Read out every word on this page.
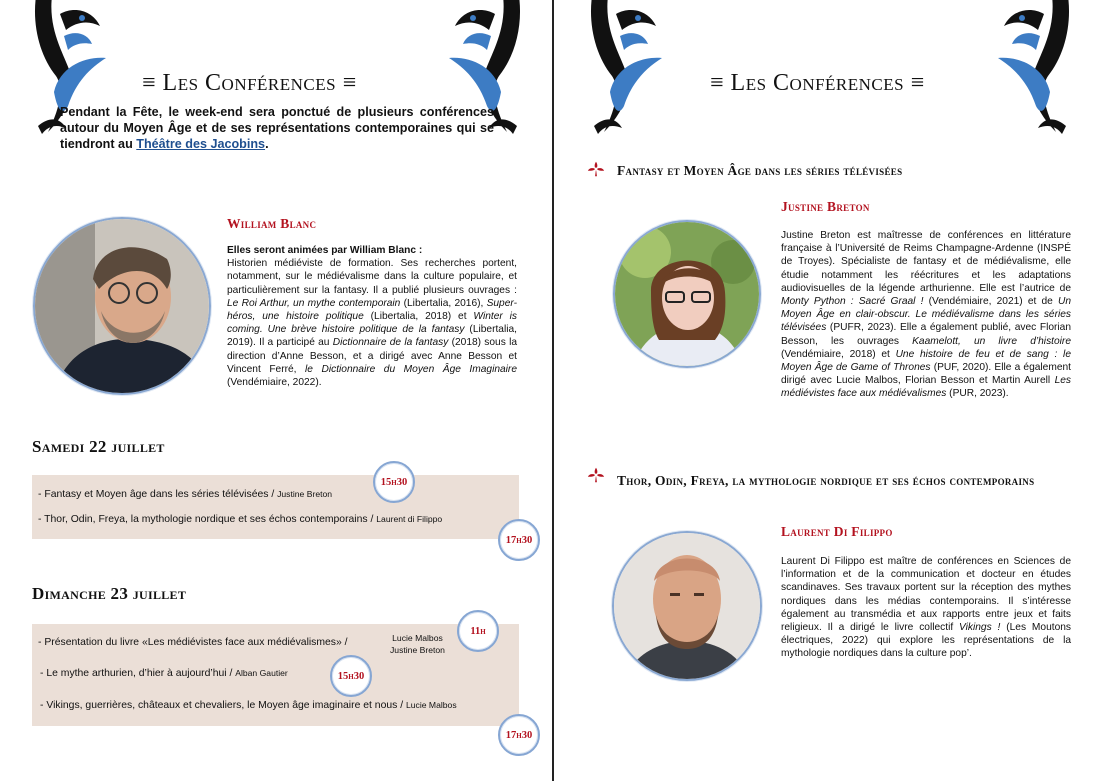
≡ Les Conférences ≡
Pendant la Fête, le week-end sera ponctué de plusieurs conférences autour du Moyen Âge et de ses représentations contemporaines qui se tiendront au Théâtre des Jacobins.
William Blanc
Elles seront animées par William Blanc :
Historien médiéviste de formation. Ses recherches portent, notamment, sur le médiévalisme dans la culture populaire, et particulièrement sur la fantasy. Il a publié plusieurs ouvrages : Le Roi Arthur, un mythe contemporain (Libertalia, 2016), Super-héros, une histoire politique (Libertalia, 2018) et Winter is coming. Une brève histoire politique de la fantasy (Libertalia, 2019). Il a participé au Dictionnaire de la fantasy (2018) sous la direction d’Anne Besson, et a dirigé avec Anne Besson et Vincent Ferré, le Dictionnaire du Moyen Âge Imaginaire (Vendémiaire, 2022).
Samedi 22 juillet
- Fantasy et Moyen âge dans les séries télévisées / Justine Breton
15h30
- Thor, Odin, Freya, la mythologie nordique et ses échos contemporains / Laurent di Filippo
17h30
Dimanche 23 juillet
- Présentation du livre «Les médiévistes face aux médiévalismes» /	Lucie Malbos
Justine Breton
11h
- Le mythe arthurien, d’hier à aujourd’hui / Alban Gautier	15h30
- Vikings, guerrières, châteaux et chevaliers, le Moyen âge imaginaire et nous / Lucie Malbos
17h30
≡ Les Conférences ≡
Fantasy et Moyen Âge dans les séries télévisées
Justine Breton
Justine Breton est maîtresse de conférences en littérature française à l’Université de Reims Champagne-Ardenne (INSPÉ de Troyes). Spécialiste de fantasy et de médiévalisme, elle étudie notamment les réécritures et les adaptations audiovisuelles de la légende arthurienne. Elle est l’autrice de Monty Python : Sacré Graal ! (Vendémiaire, 2021) et de Un Moyen Âge en clair-obscur. Le médiévalisme dans les séries télévisées (PUFR, 2023). Elle a également publié, avec Florian Besson, les ouvrages Kaamelott, un livre d’histoire (Vendémiaire, 2018) et Une histoire de feu et de sang : le Moyen Âge de Game of Thrones (PUF, 2020). Elle a également dirigé avec Lucie Malbos, Florian Besson et Martin Aurell Les médiévistes face aux médiévalismes (PUR, 2023).
Thor, Odin, Freya, la mythologie nordique et ses échos contemporains
Laurent Di Filippo
Laurent Di Filippo est maître de conférences en Sciences de l’information et de la communication et docteur en études scandinaves. Ses travaux portent sur la réception des mythes nordiques dans les médias contemporains. Il s’intéresse également au transmédia et aux rapports entre jeux et faits religieux. Il a dirigé le livre collectif Vikings ! (Les Moutons électriques, 2022) qui explore les représentations de la mythologie nordiques dans la culture pop’.
